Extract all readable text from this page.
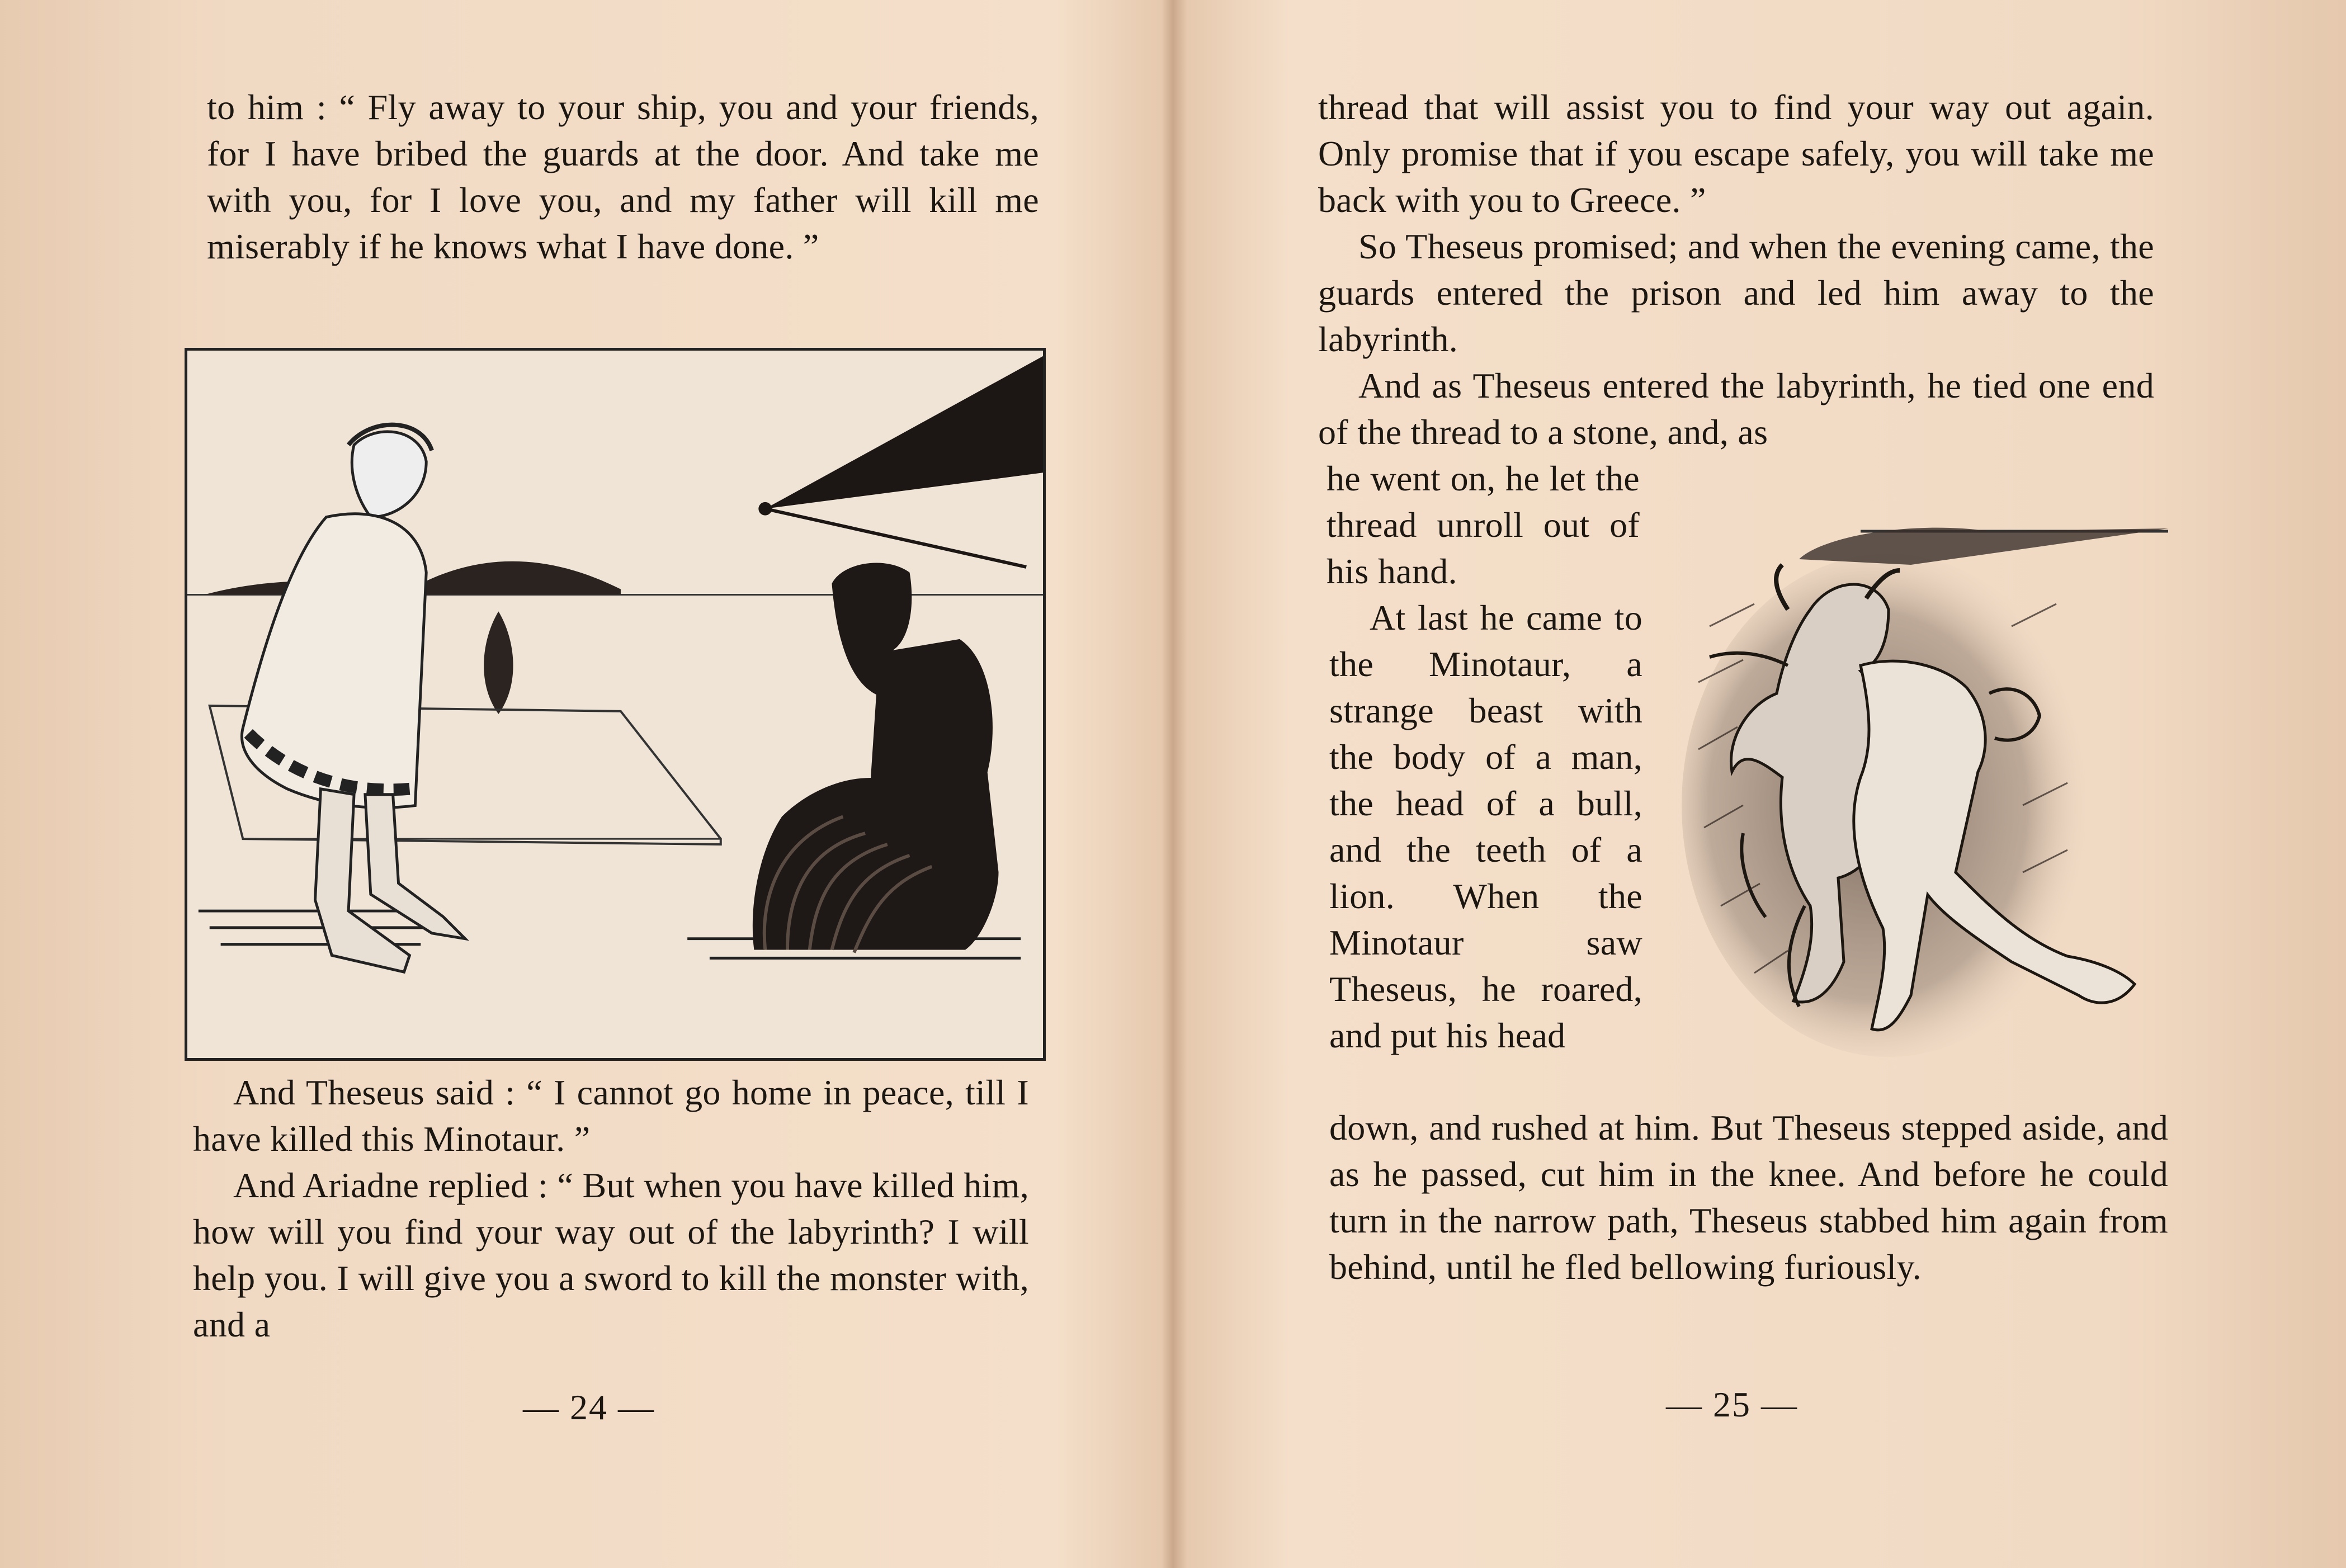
to him : “ Fly away to your ship, you and your friends, for I have bribed the guards at the door. And take me with you, for I love you, and my father will kill me miserably if he knows what I have done. ”

And Theseus said : “ I cannot go home in peace, till I have killed this Minotaur. ”

And Ariadne replied : “ But when you have killed him, how will you find your way out of the labyrinth? I will help you. I will give you a sword to kill the monster with, and a

— 24 —

thread that will assist you to find your way out again. Only promise that if you escape safely, you will take me back with you to Greece. ”

So Theseus promised; and when the evening came, the guards entered the prison and led him away to the labyrinth.

And as Theseus entered the labyrinth, he tied one end of the thread to a stone, and, as

he went on, he let the thread unroll out of his hand.

At last he came to the Minotaur, a strange beast with the body of a man, the head of a bull, and the teeth of a lion. When the Minotaur saw Theseus, he roared, and put his head

down, and rushed at him. But Theseus stepped aside, and as he passed, cut him in the knee. And before he could turn in the narrow path, Theseus stabbed him again from behind, until he fled bellowing furiously.

— 25 —
